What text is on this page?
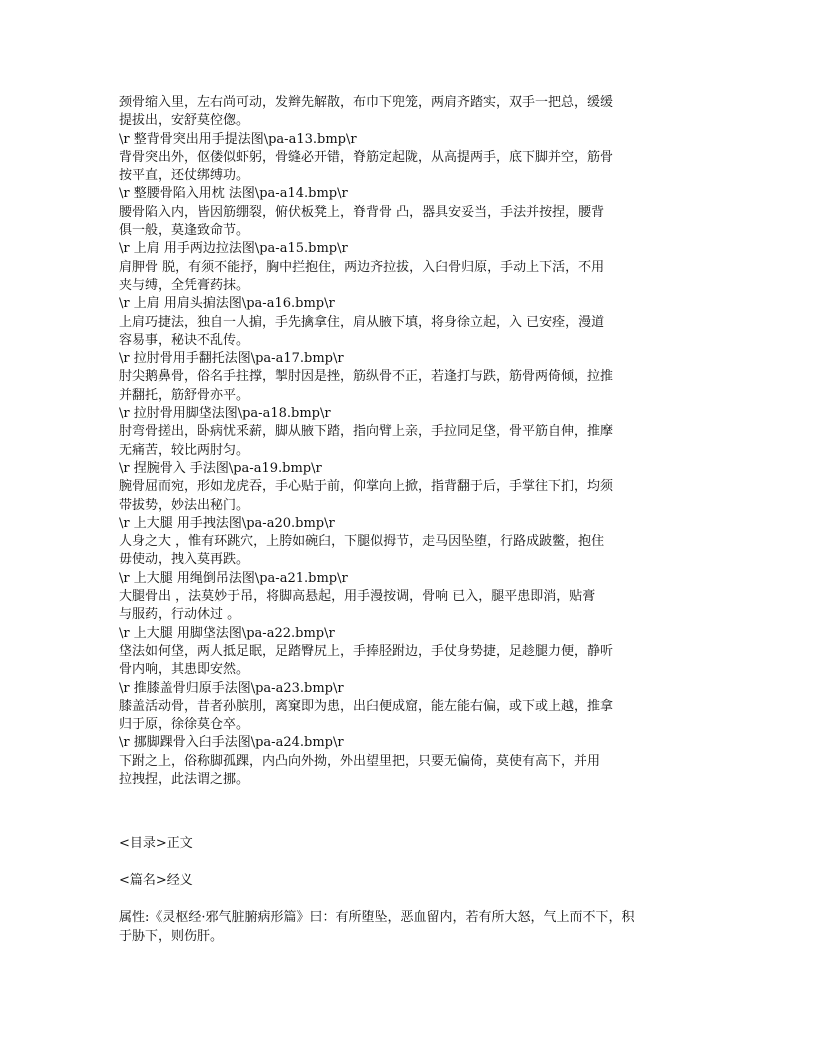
颈骨缩入里，左右尚可动，发辫先解散，布巾下兜笼，两肩齐踏实，双手一把总，缓缓
提拔出，安舒莫倥偬。
\r 整背骨突出用手提法图\pa-a13.bmp\r
背骨突出外，伛偻似虾躬，骨缝必开错，脊筋定起陇，从高提两手，底下脚并空，筋骨
按平直，还仗绑缚功。
\r 整腰骨陷入用枕 法图\pa-a14.bmp\r
腰骨陷入内，皆因筋绷裂，俯伏板凳上，脊背骨 凸，器具安妥当，手法并按捏，腰背
俱一般，莫逢致命节。
\r 上肩 用手两边拉法图\pa-a15.bmp\r
肩胛骨 脱，有须不能抒，胸中拦抱住，两边齐拉拔，入臼骨归原，手动上下活，不用
夹与缚，全凭膏药抹。
\r 上肩 用肩头掮法图\pa-a16.bmp\r
上肩巧捷法，独自一人掮，手先擒拿住，肩从腋下填，将身徐立起，入 已安痊，漫道
容易事，秘诀不乱传。
\r 拉肘骨用手翻托法图\pa-a17.bmp\r
肘尖鹅鼻骨，俗名手拄撑，掣肘因是挫，筋纵骨不正，若逢打与跌，筋骨两倚倾，拉推
并翻托，筋舒骨亦平。
\r 拉肘骨用脚垡法图\pa-a18.bmp\r
肘弯骨搓出，卧病忧釆薪，脚从腋下踏，指向臂上亲，手拉同足垡，骨平筋自伸，推摩
无痛苦，较比两肘匀。
\r 捏腕骨入 手法图\pa-a19.bmp\r
腕骨屈而宛，形如龙虎吞，手心贴于前，仰掌向上掀，指背翻于后，手掌往下扪，均须
带拔势，妙法出秘门。
\r 上大腿 用手拽法图\pa-a20.bmp\r
人身之大 ，惟有环跳穴，上胯如碗臼，下腿似拇节，走马因坠堕，行路成跛鳖，抱住
毋使动，拽入莫再跌。
\r 上大腿 用绳倒吊法图\pa-a21.bmp\r
大腿骨出 ，法莫妙于吊，将脚高悬起，用手漫按调，骨响 已入，腿平患即消，贴膏
与服药，行动休过 。
\r 上大腿 用脚垡法图\pa-a22.bmp\r
垡法如何垡，两人抵足眠，足踏臀尻上，手捧胫跗边，手仗身势捷，足趁腿力便，静听
骨内响，其患即安然。
\r 推膝盖骨归原手法图\pa-a23.bmp\r
膝盖活动骨，昔者孙膑刖，离窠即为患，出臼便成窟，能左能右偏，或下或上越，推拿
归于原，徐徐莫仓卒。
\r 挪脚踝骨入臼手法图\pa-a24.bmp\r
下跗之上，俗称脚孤踝，内凸向外拗，外出望里把，只要无偏倚，莫使有高下，并用
拉拽捏，此法谓之挪。
<目录>正文
<篇名>经义
属性:《灵枢经·邪气脏腑病形篇》曰：有所堕坠，恶血留内，若有所大怒，气上而不下，积
于胁下，则伤肝。
